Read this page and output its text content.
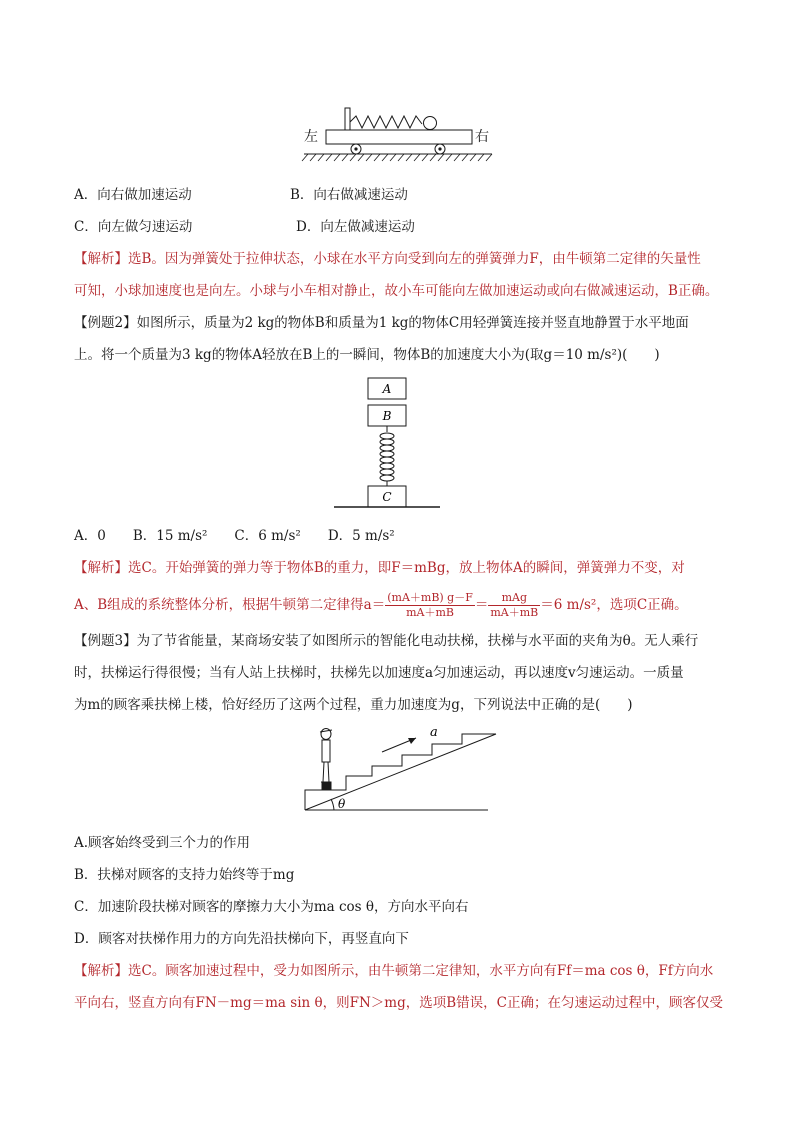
左	右
A．向右做加速运动	B．向右做减速运动
C．向左做匀速运动	D．向左做减速运动
【解析】选B。因为弹簧处于拉伸状态，小球在水平方向受到向左的弹簧弹力F，由牛顿第二定律的矢量性
可知，小球加速度也是向左。小球与小车相对静止，故小车可能向左做加速运动或向右做减速运动，B正确。
【例题2】如图所示，质量为2 kg的物体B和质量为1 kg的物体C用轻弹簧连接并竖直地静置于水平地面
上。将一个质量为3 kg的物体A轻放在B上的一瞬间，物体B的加速度大小为(取g＝10 m/s²)(　　)
A
B
C
A．0　　B．15 m/s²　　C．6 m/s²　　D．5 m/s²
【解析】选C。开始弹簧的弹力等于物体B的重力，即F＝mBg，放上物体A的瞬间，弹簧弹力不变，对
A、B组成的系统整体分析，根据牛顿第二定律得$a= \frac{(mA+mB) g-F}{mA+mB} = \frac{\text{mAg}}{mA+mB} =6$ m/s²，选项C正确。
【例题3】为了节省能量，某商场安装了如图所示的智能化电动扶梯，扶梯与水平面的夹角为θ。无人乘行
时，扶梯运行得很慢；当有人站上扶梯时，扶梯先以加速度a匀加速运动，再以速度v匀速运动。一质量
为m的顾客乘扶梯上楼，恰好经历了这两个过程，重力加速度为g，下列说法中正确的是(　　)
θ
a
A.顾客始终受到三个力的作用
B．扶梯对顾客的支持力始终等于mg
C．加速阶段扶梯对顾客的摩擦力大小为ma cos θ，方向水平向右
D．顾客对扶梯作用力的方向先沿扶梯向下，再竖直向下
【解析】选C。顾客加速过程中，受力如图所示，由牛顿第二定律知，水平方向有Ff＝ma cos θ，Ff方向水
平向右，竖直方向有FN－mg＝ma sin θ，则FN＞mg，选项B错误，C正确；在匀速运动过程中，顾客仅受
